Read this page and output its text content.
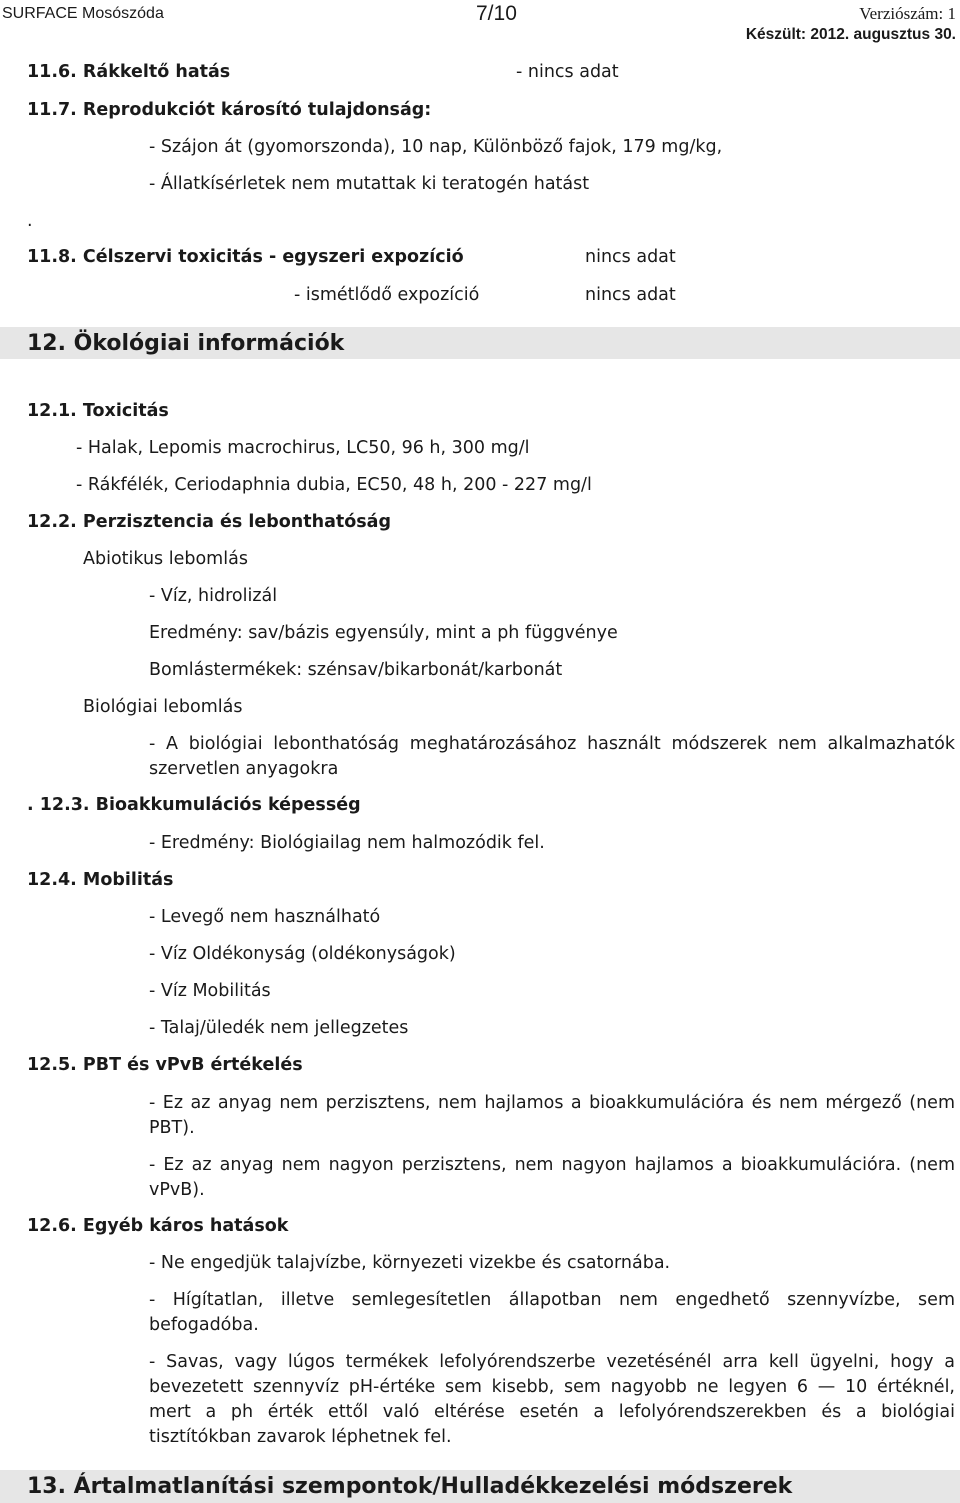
SURFACE Mosószóda	7/10	Verziószám: 1
Készült: 2012. augusztus 30.
11.6. Rákkeltő hatás	- nincs adat
11.7. Reprodukciót károsító tulajdonság:
- Szájon át (gyomorszonda), 10 nap, Különböző fajok, 179 mg/kg,
- Állatkísérletek nem mutattak ki teratogén hatást
.
11.8. Célszervi toxicitás - egyszeri expozíció	nincs adat
- ismétlődő expozíció	nincs adat
12. Ökológiai információk
12.1. Toxicitás
- Halak, Lepomis macrochirus, LC50, 96 h, 300 mg/l
- Rákfélék, Ceriodaphnia dubia, EC50, 48 h, 200 - 227 mg/l
12.2. Perzisztencia és lebonthatóság
Abiotikus lebomlás
- Víz, hidrolizál
Eredmény: sav/bázis egyensúly, mint a ph függvénye
Bomlástermékek: szénsav/bikarbonát/karbonát
Biológiai lebomlás
- A biológiai lebonthatóság meghatározásához használt módszerek nem alkalmazhatók
szervetlen anyagokra
. 12.3. Bioakkumulációs képesség
- Eredmény: Biológiailag nem halmozódik fel.
12.4. Mobilitás
- Levegő nem használható
- Víz Oldékonyság (oldékonyságok)
- Víz Mobilitás
- Talaj/üledék nem jellegzetes
12.5. PBT és vPvB értékelés
- Ez az anyag nem perzisztens, nem hajlamos a bioakkumulációra és nem mérgező (nem
PBT).
- Ez az anyag nem nagyon perzisztens, nem nagyon hajlamos a bioakkumulációra. (nem
vPvB).
12.6. Egyéb káros hatások
- Ne engedjük talajvízbe, környezeti vizekbe és csatornába.
- Hígítatlan, illetve semlegesítetlen állapotban nem engedhető szennyvízbe, sem
befogadóba.
- Savas, vagy lúgos termékek lefolyórendszerbe vezetésénél arra kell ügyelni, hogy a
bevezetett szennyvíz pH-értéke sem kisebb, sem nagyobb ne legyen 6 — 10 értéknél,
mert a ph érték ettől való eltérése esetén a lefolyórendszerekben és a biológiai
tisztítókban zavarok léphetnek fel.
13. Ártalmatlanítási szempontok/Hulladékkezelési módszerek
